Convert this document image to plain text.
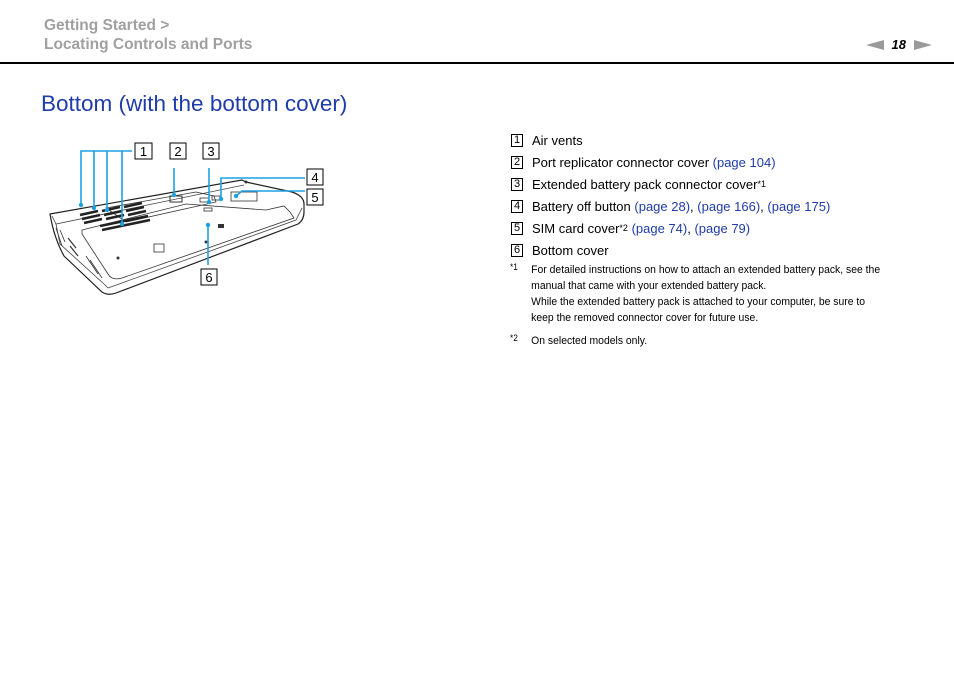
Getting Started >
Locating Controls and Ports	18
Bottom (with the bottom cover)
1 2 3
4
5
6
1 Air vents
2 Port replicator connector cover (page 104)
3 Extended battery pack connector cover *1
4 Battery off button (page 28) , (page 166) , (page 175)
5 SIM card cover *2
(page 74) , (page 79)
6 Bottom cover
*1	For detailed instructions on how to attach an extended battery pack, see the manual that came with your extended battery pack.
While the extended battery pack is attached to your computer, be sure to keep the removed connector cover for future use.
*2	On selected models only.
